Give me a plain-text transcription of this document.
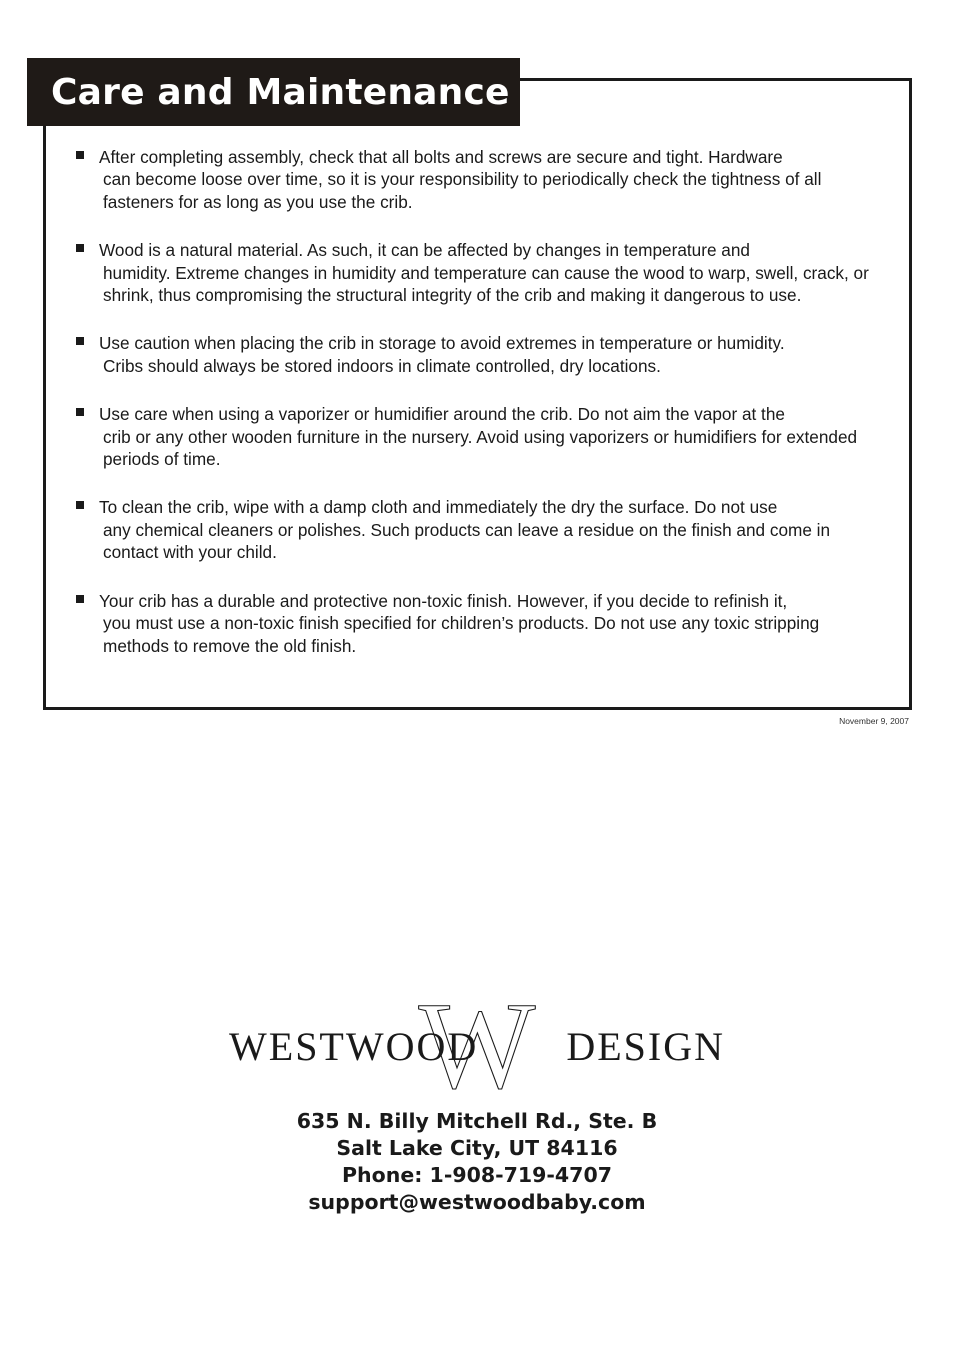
Care and Maintenance
After completing assembly, check that all bolts and screws are secure and tight. Hardware
can become loose over time, so it is your responsibility to periodically check the tightness of all fasteners for as long as you use the crib.
Wood is a natural material. As such, it can be affected by changes in temperature and
humidity. Extreme changes in humidity and temperature can cause the wood to warp, swell, crack, or shrink, thus compromising the structural integrity of the crib and making it dangerous to use.
Use caution when placing the crib in storage to avoid extremes in temperature or humidity.
Cribs should always be stored indoors in climate controlled, dry locations.
Use care when using a vaporizer or humidifier around the crib. Do not aim the vapor at the
crib or any other wooden furniture in the nursery. Avoid using vaporizers or humidifiers for extended periods of time.
To clean the crib, wipe with a damp cloth and immediately the dry the surface. Do not use
any chemical cleaners or polishes. Such products can leave a residue on the finish and come in contact with your child.
Your crib has a durable and protective non-toxic finish. However, if you decide to refinish it,
you must use a non-toxic finish specified for children’s products. Do not use any toxic stripping methods to remove the old finish.
November 9, 2007
W
WESTWOOD DESIGN
635 N. Billy Mitchell Rd., Ste. B
Salt Lake City, UT 84116
Phone: 1-908-719-4707
support@westwoodbaby.com
